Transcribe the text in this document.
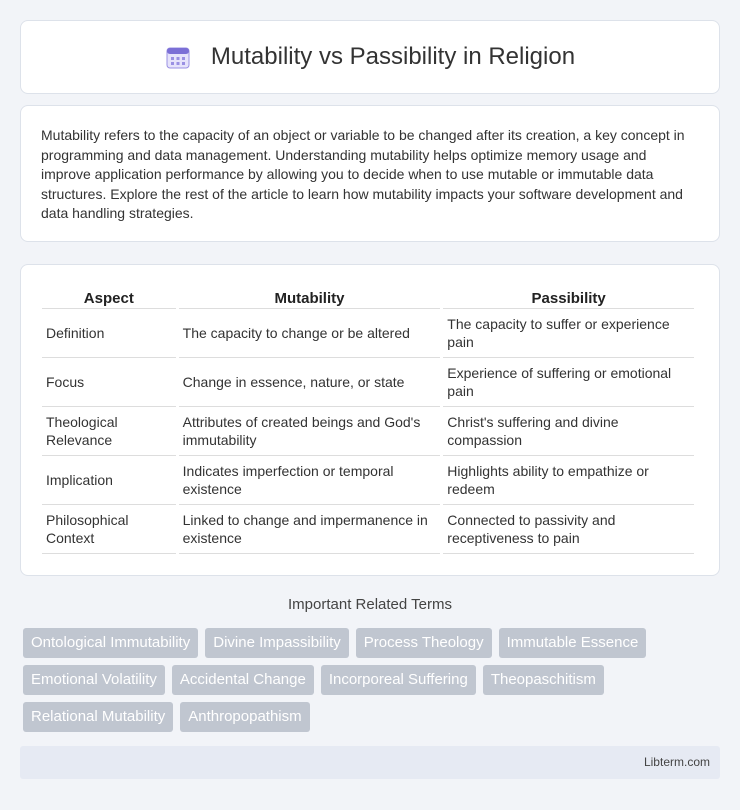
Mutability vs Passibility in Religion

Mutability refers to the capacity of an object or variable to be changed after its creation, a key concept in programming and data management. Understanding mutability helps optimize memory usage and improve application performance by allowing you to decide when to use mutable or immutable data structures. Explore the rest of the article to learn how mutability impacts your software development and data handling strategies.

Aspect	Mutability	Passibility
Definition	The capacity to change or be altered	The capacity to suffer or experience pain
Focus	Change in essence, nature, or state	Experience of suffering or emotional pain
Theological Relevance	Attributes of created beings and God's immutability	Christ's suffering and divine compassion
Implication	Indicates imperfection or temporal existence	Highlights ability to empathize or redeem
Philosophical Context	Linked to change and impermanence in existence	Connected to passivity and receptiveness to pain
Important Related Terms
Ontological Immutability	Divine Impassibility	Process Theology	Immutable Essence
Emotional Volatility	Accidental Change	Incorporeal Suffering	Theopaschitism
Relational Mutability	Anthropopathism
Libterm.com
